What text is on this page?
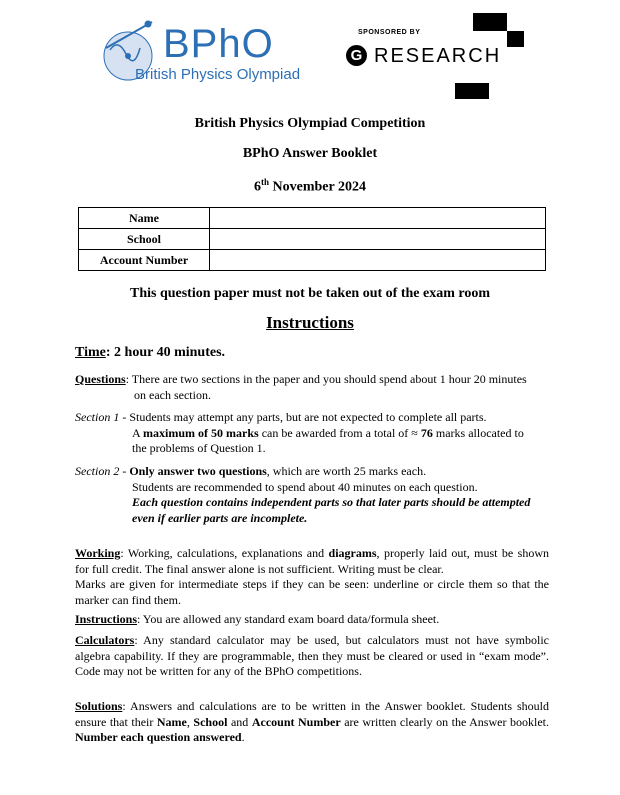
BPhO
British Physics Olympiad
SPONSORED BY
G RESEARCH
British Physics Olympiad Competition
BPhO Answer Booklet
6th November 2024
Name	
School	
Account Number	
This question paper must not be taken out of the exam room
Instructions
Time: 2 hour 40 minutes.
Questions: There are two sections in the paper and you should spend about 1 hour 20 minutes
on each section.
Section 1 - Students may attempt any parts, but are not expected to complete all parts.

A maximum of 50 marks can be awarded from a total of ≈ 76 marks allocated to
the problems of Question 1.
Section 2 - Only answer two questions, which are worth 25 marks each.

Students are recommended to spend about 40 minutes on each question.
Each question contains independent parts so that later parts should be attempted
even if earlier parts are incomplete.
Working: Working, calculations, explanations and diagrams, properly laid out, must be shown for full credit. The final answer alone is not sufficient. Writing must be clear.
Marks are given for intermediate steps if they can be seen: underline or circle them so that the marker can find them.
Instructions: You are allowed any standard exam board data/formula sheet.
Calculators: Any standard calculator may be used, but calculators must not have symbolic algebra capability. If they are programmable, then they must be cleared or used in “exam mode”. Code may not be written for any of the BPhO competitions.
Solutions: Answers and calculations are to be written in the Answer booklet. Students should ensure that their Name, School and Account Number are written clearly on the Answer booklet. Number each question answered.
